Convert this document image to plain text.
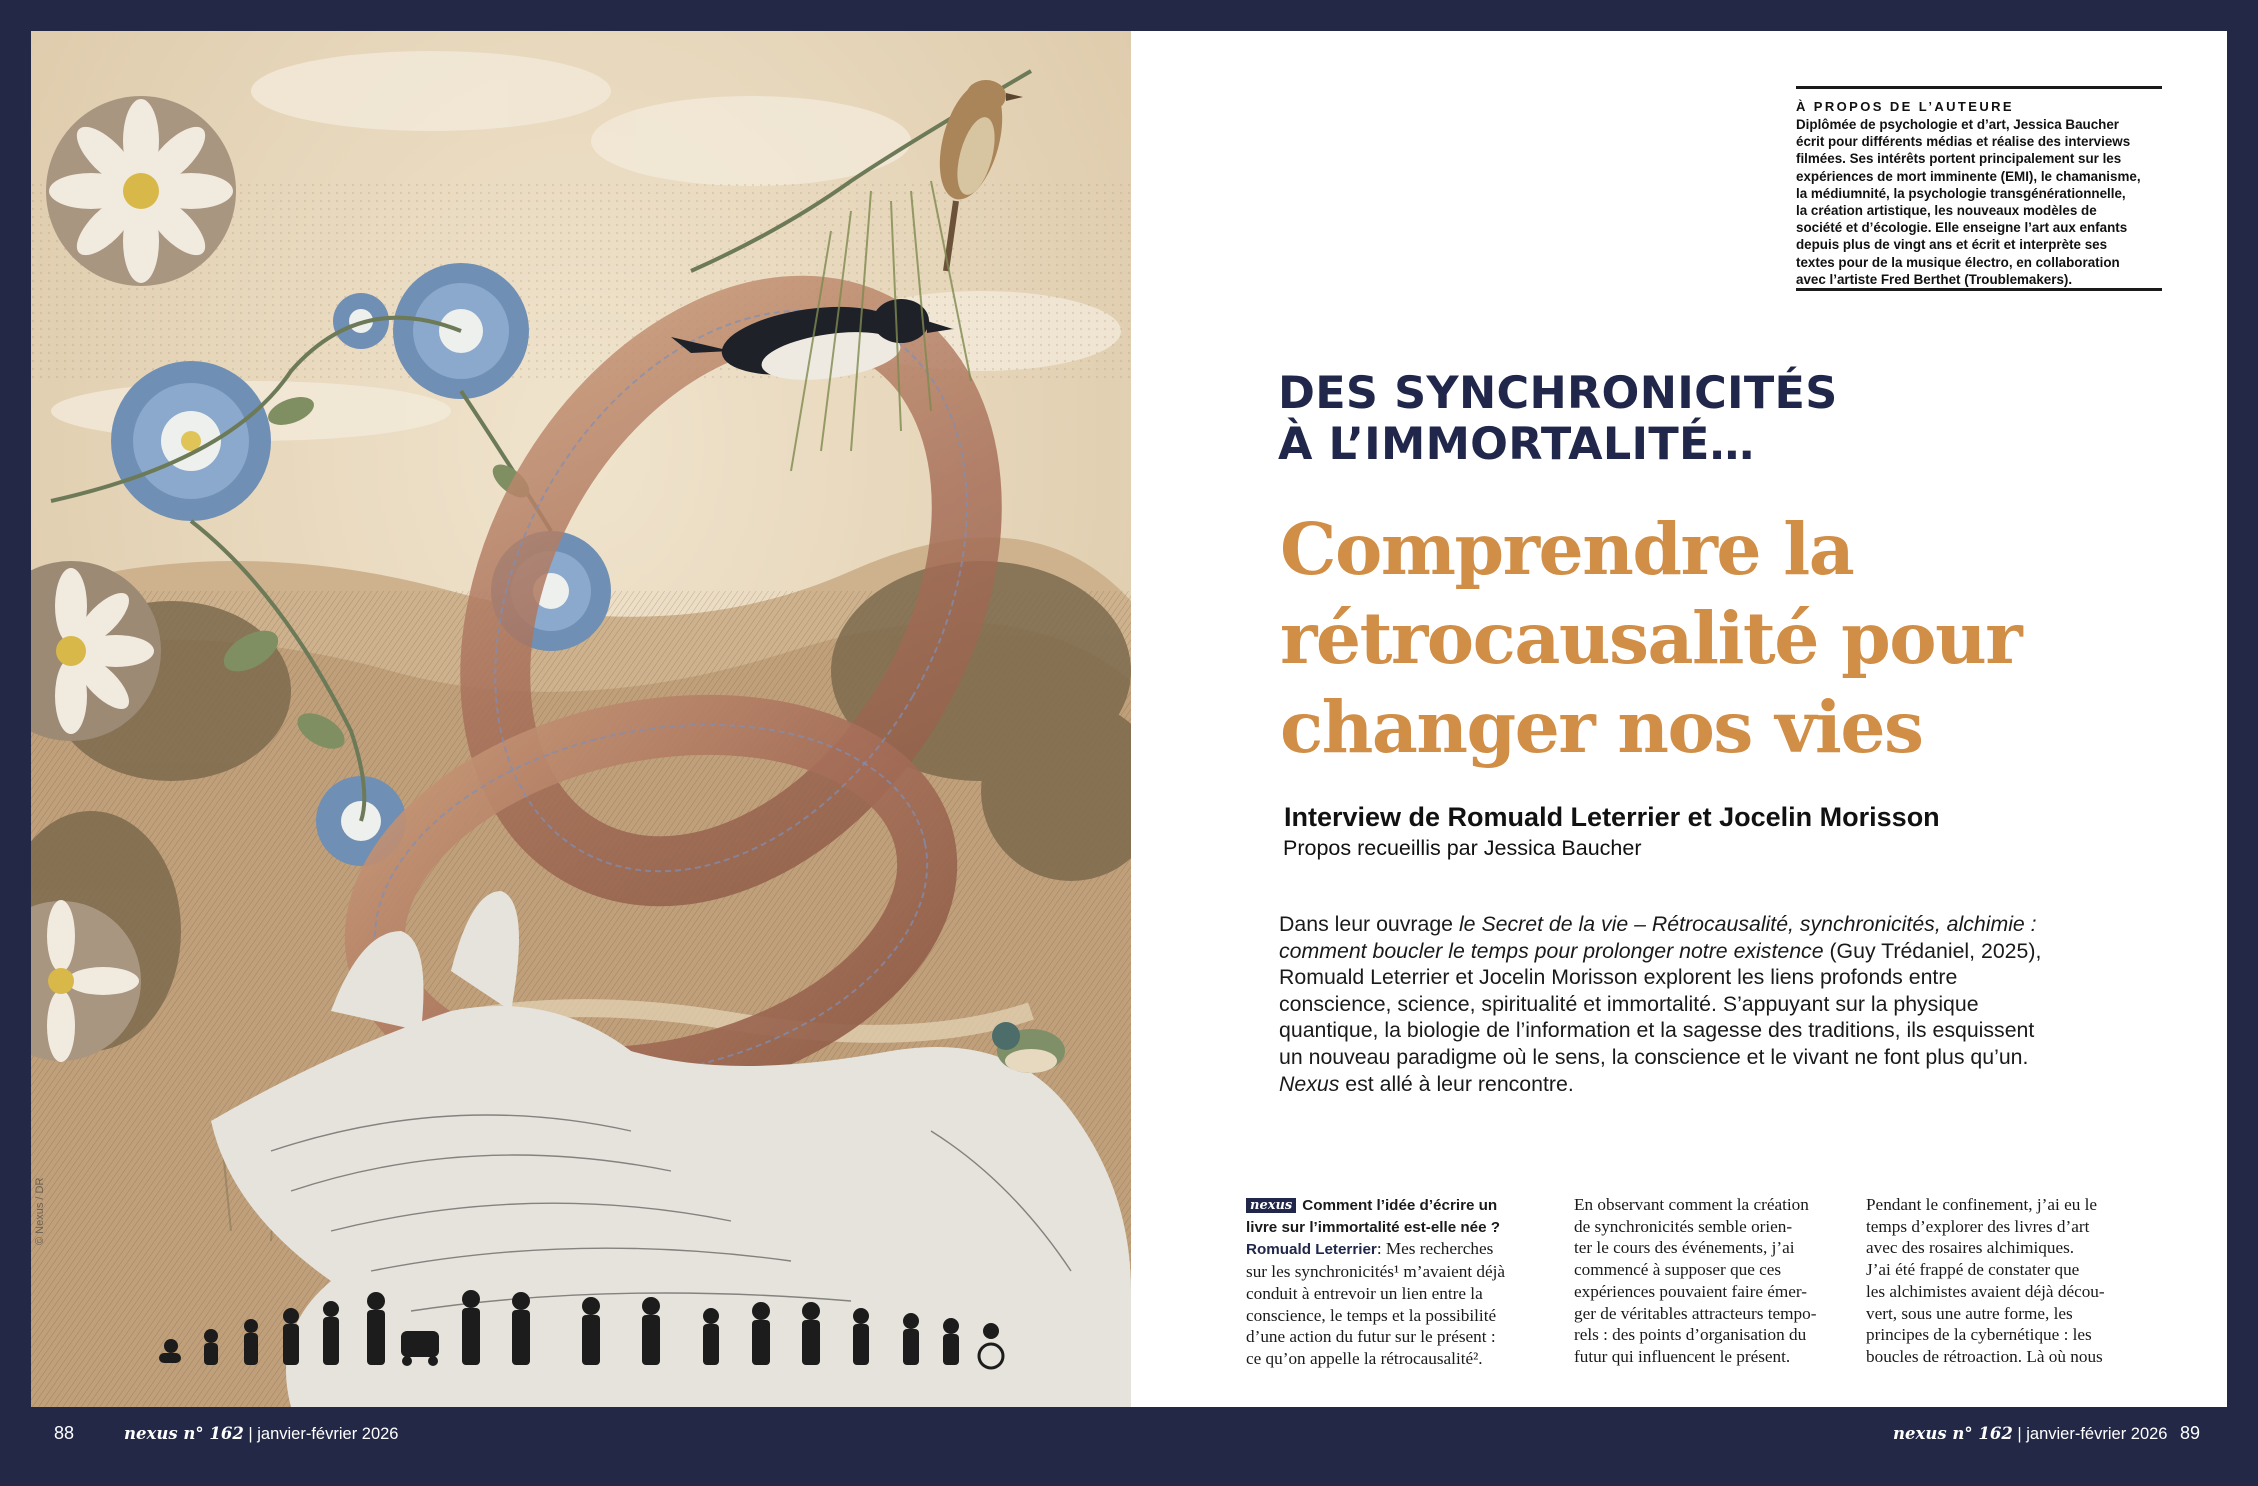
© Nexus / DR
À PROPOS DE L’AUTEURE
Diplômée de psychologie et d’art, Jessica Baucher
écrit pour différents médias et réalise des interviews
filmées. Ses intérêts portent principalement sur les
expériences de mort imminente (EMI), le chamanisme,
la médiumnité, la psychologie transgénérationnelle,
la création artistique, les nouveaux modèles de
société et d’écologie. Elle enseigne l’art aux enfants
depuis plus de vingt ans et écrit et interprète ses
textes pour de la musique électro, en collaboration
avec l’artiste Fred Berthet (Troublemakers).
DES SYNCHRONICITÉS
À L’IMMORTALITÉ…
Comprendre la
rétrocausalité pour
changer nos vies
Interview de Romuald Leterrier et Jocelin Morisson
Propos recueillis par Jessica Baucher
Dans leur ouvrage le Secret de la vie – Rétrocausalité, synchronicités, alchimie :
comment boucler le temps pour prolonger notre existence (Guy Trédaniel, 2025),
Romuald Leterrier et Jocelin Morisson explorent les liens profonds entre
conscience, science, spiritualité et immortalité. S’appuyant sur la physique
quantique, la biologie de l’information et la sagesse des traditions, ils esquissent
un nouveau paradigme où le sens, la conscience et le vivant ne font plus qu’un.
Nexus est allé à leur rencontre.
nexus Comment l’idée d’écrire un
livre sur l’immortalité est-elle née ?
Romuald Leterrier: Mes recherches
sur les synchronicités¹ m’avaient déjà
conduit à entrevoir un lien entre la
conscience, le temps et la possibilité
d’une action du futur sur le présent :
ce qu’on appelle la rétrocausalité².
En observant comment la création
de synchronicités semble orien-
ter le cours des événements, j’ai
commencé à supposer que ces
expériences pouvaient faire émer-
ger de véritables attracteurs tempo-
rels : des points d’organisation du
futur qui influencent le présent.
Pendant le confinement, j’ai eu le
temps d’explorer des livres d’art
avec des rosaires alchimiques.
J’ai été frappé de constater que
les alchimistes avaient déjà décou-
vert, sous une autre forme, les
principes de la cybernétique : les
boucles de rétroaction. Là où nous
88	nexus n° 162 | janvier-février 2026	nexus n° 162 | janvier-février 2026 89
